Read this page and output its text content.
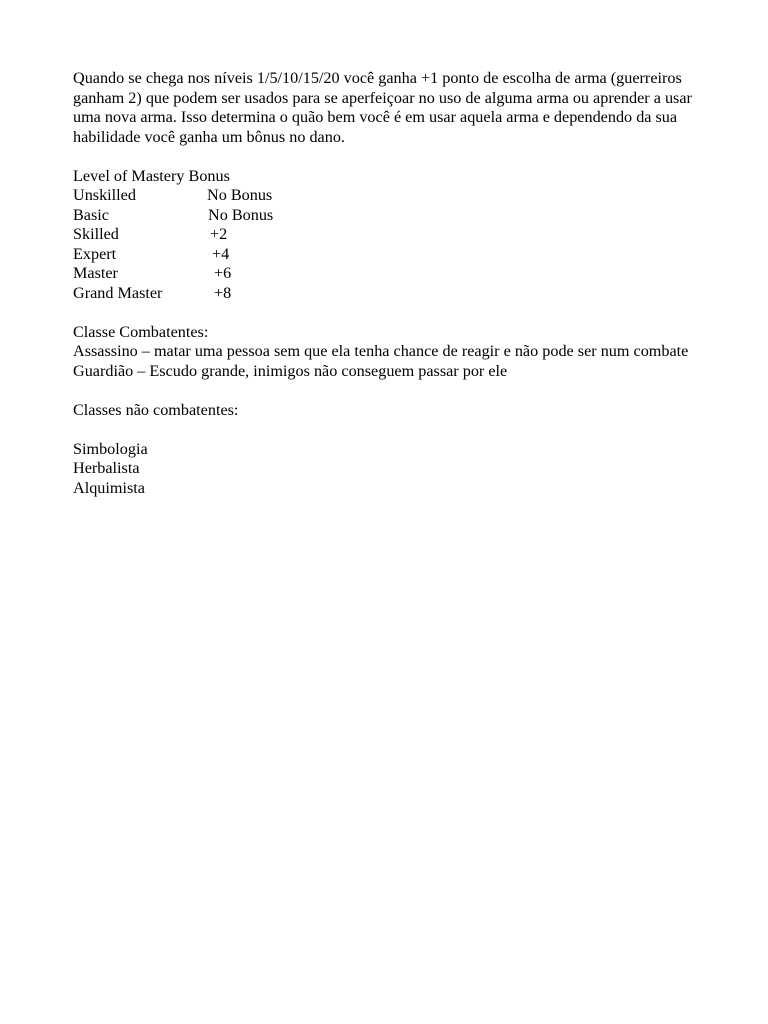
Quando se chega nos níveis 1/5/10/15/20 você ganha +1 ponto de escolha de arma (guerreiros ganham 2) que podem ser usados para se aperfeiçoar no uso de alguma arma ou aprender a usar uma nova arma. Isso determina o quão bem você é em usar aquela arma e dependendo da sua habilidade você ganha um bônus no dano.

Level of Mastery Bonus

Unskilled	No Bonus
Basic	No Bonus
Skilled	+2
Expert	+4
Master	+6
Grand Master	+8

Classe Combatentes:

Assassino – matar uma pessoa sem que ela tenha chance de reagir e não pode ser num combate

Guardião – Escudo grande, inimigos não conseguem passar por ele

Classes não combatentes:

Simbologia

Herbalista

Alquimista
